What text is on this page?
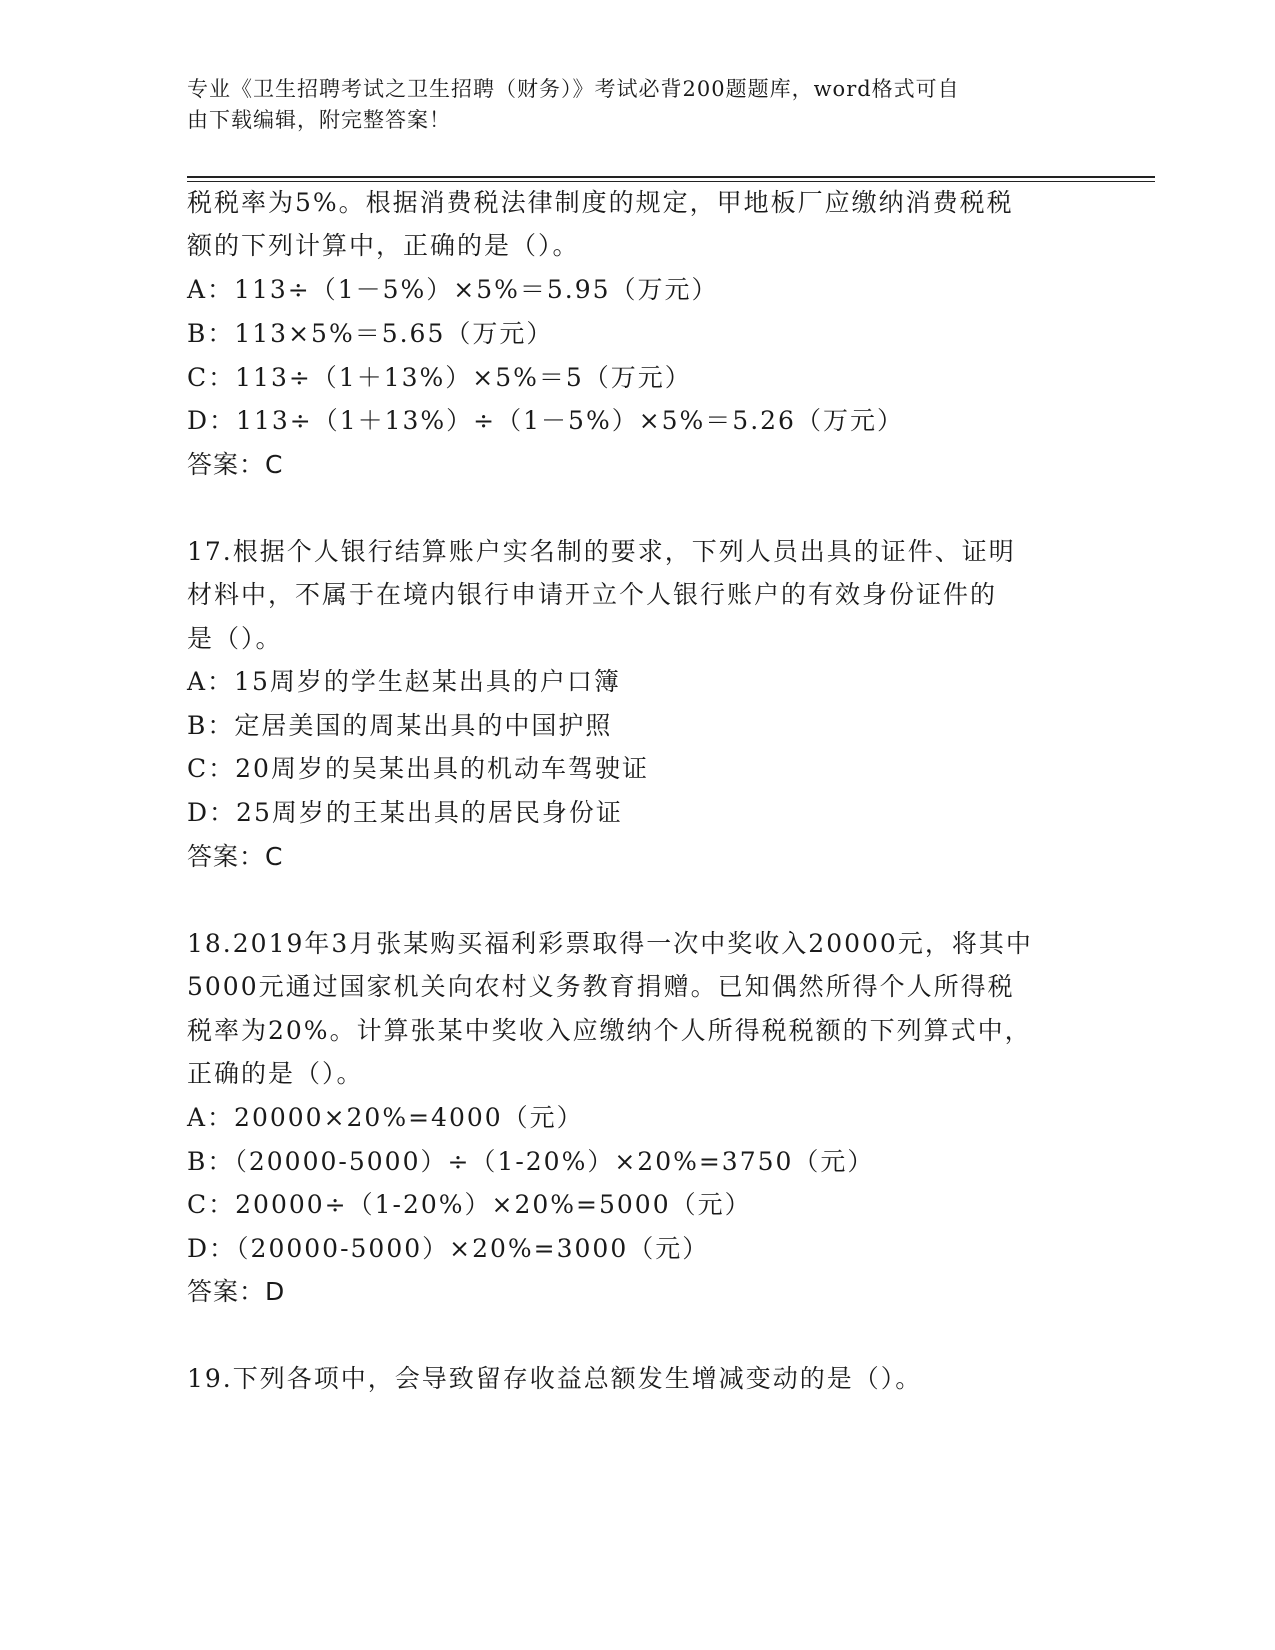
专业《卫生招聘考试之卫生招聘（财务）》考试必背200题题库，word格式可自
由下载编辑，附完整答案！
税税率为5%。根据消费税法律制度的规定，甲地板厂应缴纳消费税税
额的下列计算中，正确的是（）。
A：113÷（1－5%）×5%＝5.95（万元）
B：113×5%＝5.65（万元）
C：113÷（1＋13%）×5%＝5（万元）
D：113÷（1＋13%）÷（1－5%）×5%＝5.26（万元）
答案：C
17.根据个人银行结算账户实名制的要求，下列人员出具的证件、证明
材料中，不属于在境内银行申请开立个人银行账户的有效身份证件的
是（）。
A：15周岁的学生赵某出具的户口簿
B：定居美国的周某出具的中国护照
C：20周岁的吴某出具的机动车驾驶证
D：25周岁的王某出具的居民身份证
答案：C
18.2019年3月张某购买福利彩票取得一次中奖收入20000元，将其中
5000元通过国家机关向农村义务教育捐赠。已知偶然所得个人所得税
税率为20%。计算张某中奖收入应缴纳个人所得税税额的下列算式中，
正确的是（）。
A：20000×20%=4000（元）
B：（20000-5000）÷（1-20%）×20%=3750（元）
C：20000÷（1-20%）×20%=5000（元）
D：（20000-5000）×20%=3000（元）
答案：D
19.下列各项中，会导致留存收益总额发生增减变动的是（）。
